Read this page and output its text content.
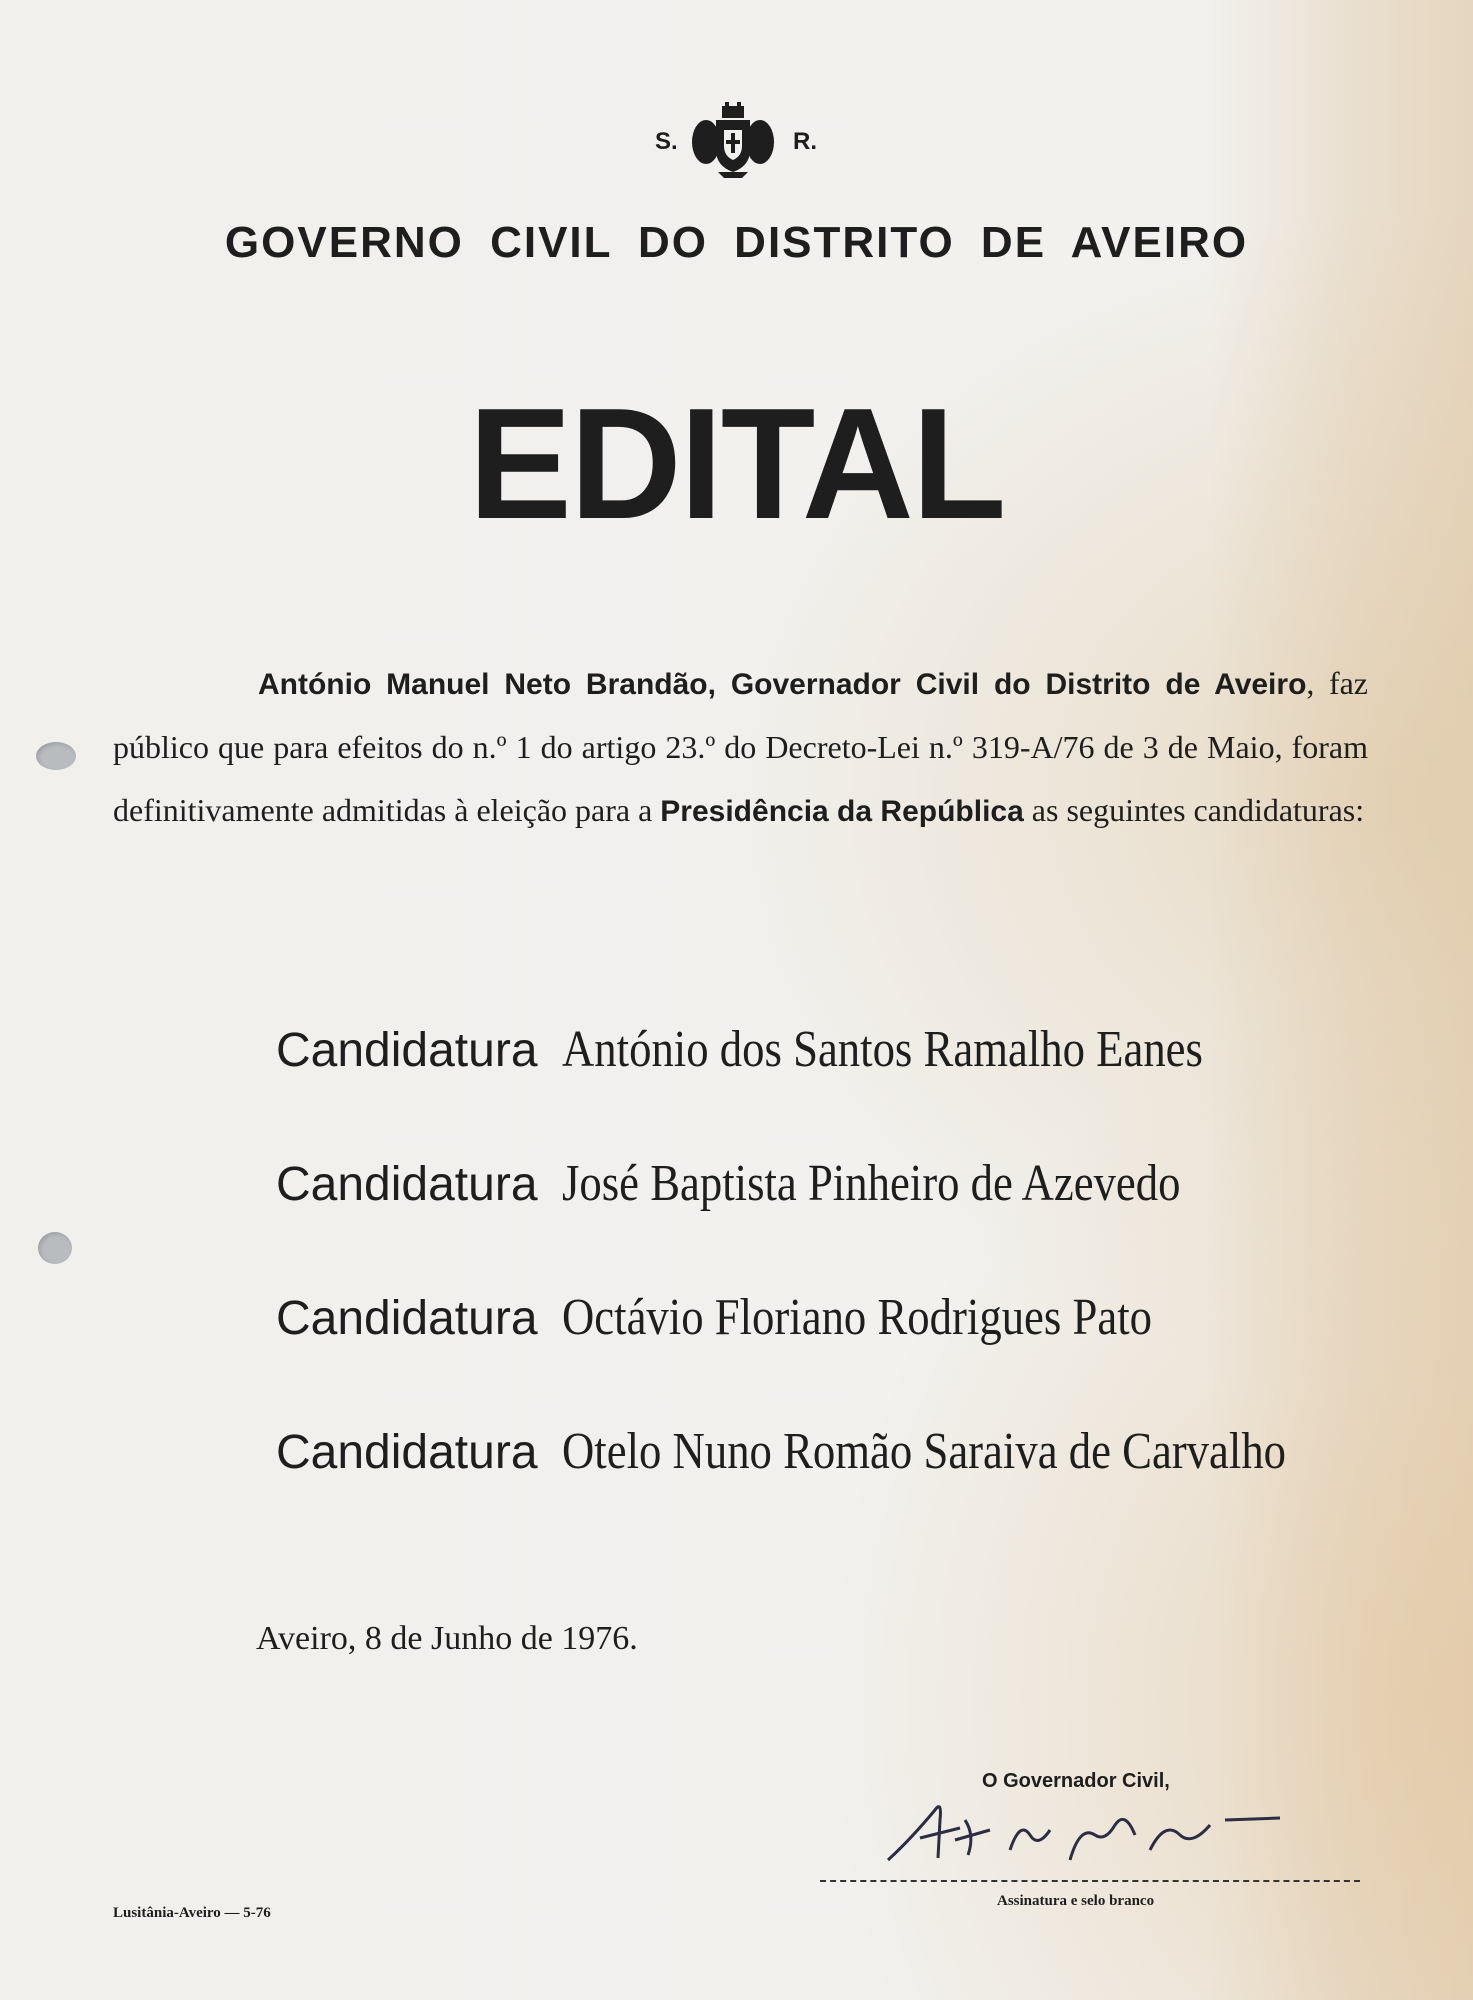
S.	R.
GOVERNO CIVIL DO DISTRITO DE AVEIRO
EDITAL
António Manuel Neto Brandão, Governador Civil do Distrito de Aveiro, faz público que para efeitos do n.º 1 do artigo 23.º do Decreto-Lei n.º 319-A/76 de 3 de Maio, foram definitivamente admitidas à eleição para a Presidência da República as seguintes candidaturas:
Candidatura António dos Santos Ramalho Eanes
Candidatura José Baptista Pinheiro de Azevedo
Candidatura Octávio Floriano Rodrigues Pato
Candidatura Otelo Nuno Romão Saraiva de Carvalho
Aveiro, 8 de Junho de 1976.
O Governador Civil,
Assinatura e selo branco
Lusitânia-Aveiro — 5-76
